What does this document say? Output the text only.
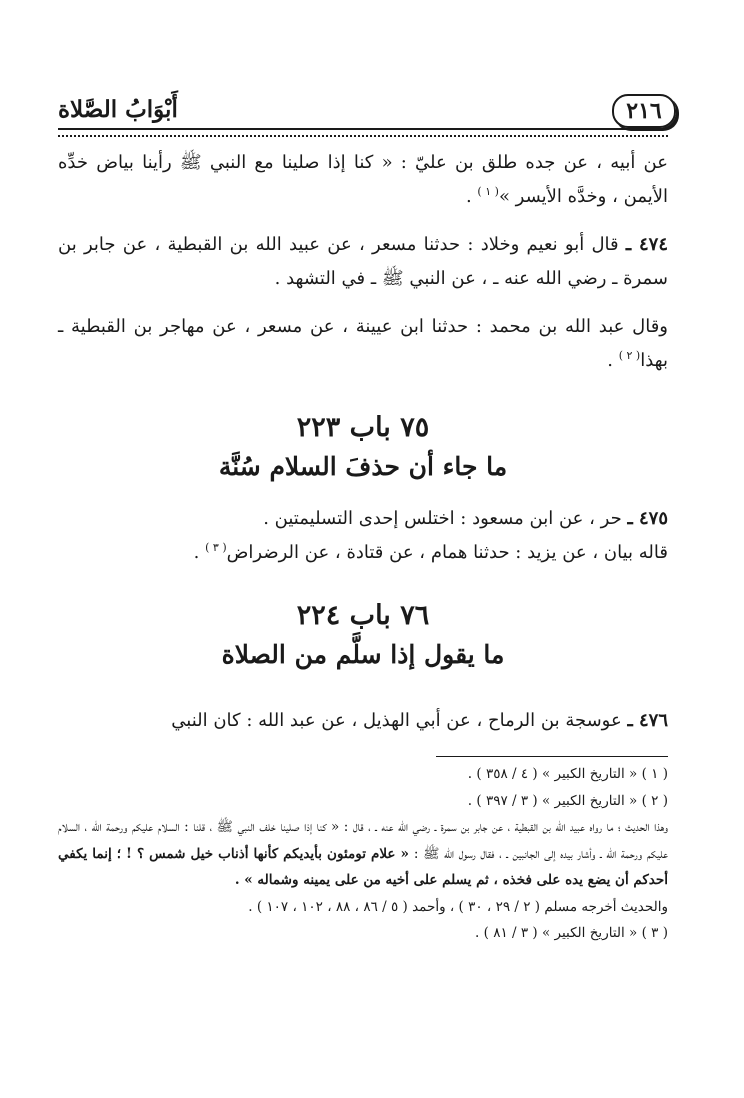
٢١٦
أَبْوَابُ الصَّلاة

عن أبيه ، عن جده طلق بن عليّ : « كنا إذا صلينا مع النبي ﷺ رأينا بياض خدِّه الأيمن ، وخدَّه الأيسر »$^{( ١ )}$ .

٤٧٤ ـ قال أبو نعيم وخلاد : حدثنا مسعر ، عن عبيد الله بن القبطية ، عن جابر بن سمرة ـ رضي الله عنه ـ ، عن النبي ﷺ ـ في التشهد .

وقال عبد الله بن محمد : حدثنا ابن عيينة ، عن مسعر ، عن مهاجر بن القبطية ـ بهذا$^{( ٢ )}$ .

٧٥ باب ٢٢٣

ما جاء أن حذفَ السلام سُنَّة

٤٧٥ ـ حر ، عن ابن مسعود : اختلس إحدى التسليمتين .

قاله بيان ، عن يزيد : حدثنا همام ، عن قتادة ، عن الرضراض$^{( ٣ )}$ .

٧٦ باب ٢٢٤

ما يقول إذا سلَّم من الصلاة

٤٧٦ ـ عوسجة بن الرماح ، عن أبي الهذيل ، عن عبد الله : كان النبي

( ١ ) « التاريخ الكبير » ( ٤ / ٣٥٨ ) .

( ٢ ) « التاريخ الكبير » ( ٣ / ٣٩٧ ) .

وهذا الحديث ؛ ما رواه عبيد الله بن القبطية ، عن جابر بن سمرة ـ رضي الله عنه ـ ، قال : « كنا إذا صلينا خلف النبي ﷺ ، قلنا : السلام عليكم ورحمة الله ، السلام عليكم ورحمة الله ـ وأشار بيده إلى الجانبين ـ ، فقال رسول الله ﷺ : « علام تومئون بأيديكم كأنها أذناب خيل شمس ؟ ! ؛ إنما يكفي أحدكم أن يضع يده على فخذه ، ثم يسلم على أخيه من على يمينه وشماله » .

والحديث أخرجه مسلم ( ٢ / ٢٩ ، ٣٠ ) ، وأحمد ( ٥ / ٨٦ ، ٨٨ ، ١٠٢ ، ١٠٧ ) .

( ٣ ) « التاريخ الكبير » ( ٣ / ٨١ ) .
